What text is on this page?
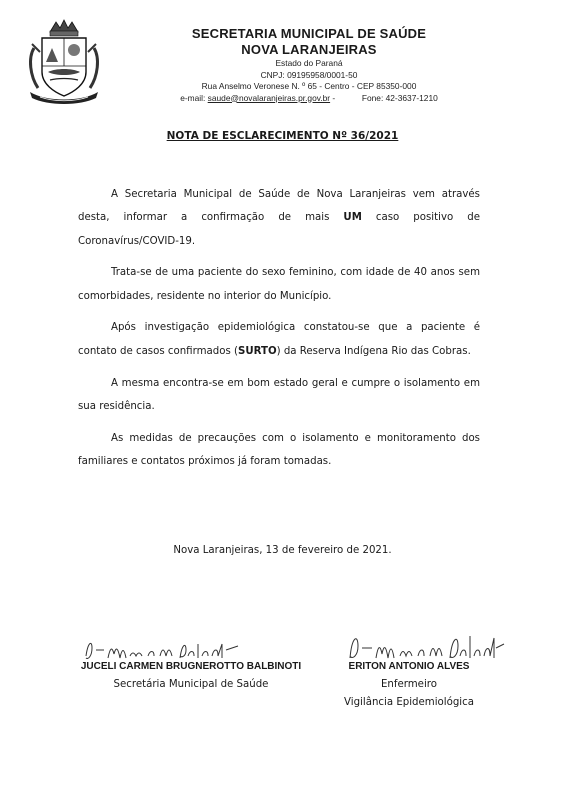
SECRETARIA MUNICIPAL DE SAÚDE
NOVA LARANJEIRAS
Estado do Paraná
CNPJ: 09195958/0001-50
Rua Anselmo Veronese N. º 65 - Centro - CEP 85350-000
e-mail: saude@novalaranjeiras.pr.gov.br -	Fone: 42-3637-1210
NOTA DE ESCLARECIMENTO Nº 36/2021

A Secretaria Municipal de Saúde de Nova Laranjeiras vem através desta, informar a confirmação de mais UM caso positivo de Coronavírus/COVID-19.

Trata-se de uma paciente do sexo feminino, com idade de 40 anos sem comorbidades, residente no interior do Município.

Após investigação epidemiológica constatou-se que a paciente é contato de casos confirmados (SURTO) da Reserva Indígena Rio das Cobras.

A mesma encontra-se em bom estado geral e cumpre o isolamento em sua residência.

As medidas de precauções com o isolamento e monitoramento dos familiares e contatos próximos já foram tomadas.

Nova Laranjeiras, 13 de fevereiro de 2021.
JUCELI CARMEN BRUGNEROTTO BALBINOTI
Secretária Municipal de Saúde
ERITON ANTONIO ALVES
Enfermeiro
Vigilância Epidemiológica
